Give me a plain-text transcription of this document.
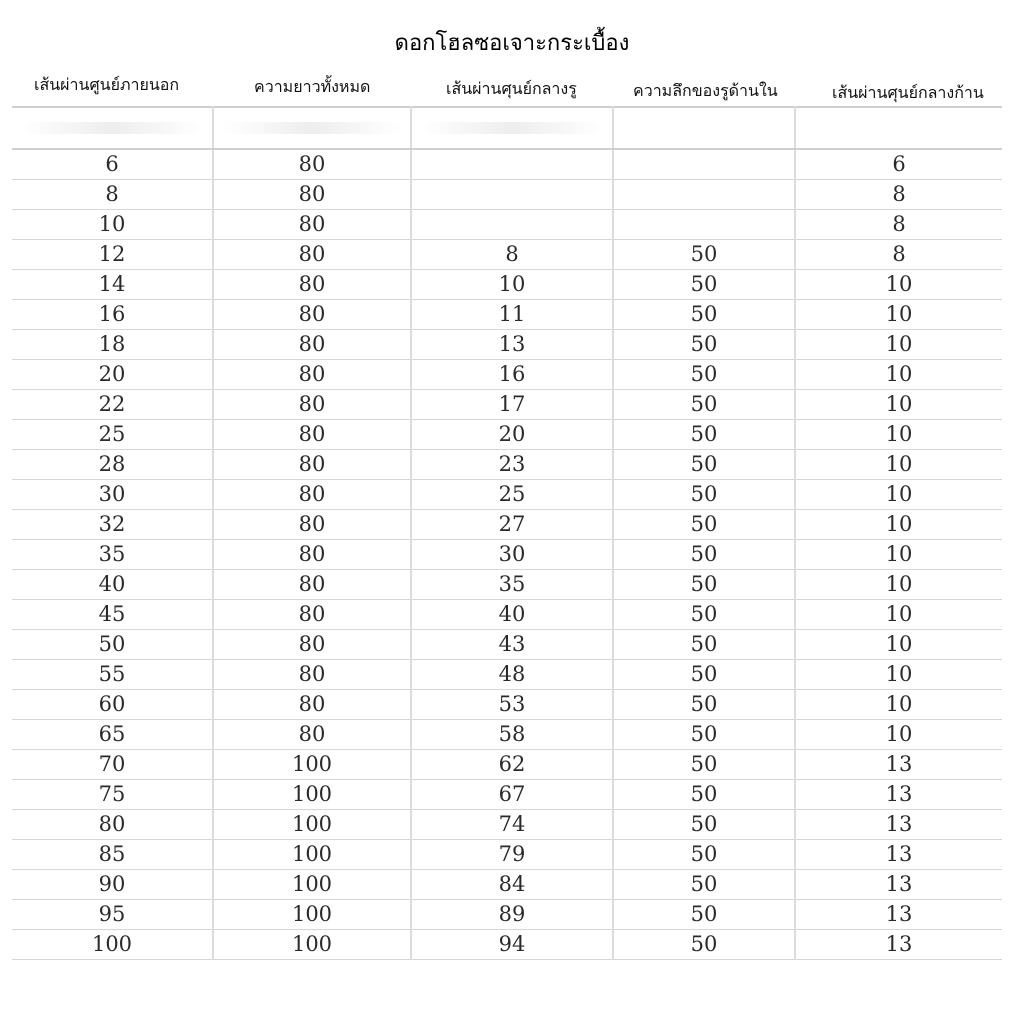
ดอกโฮลซอเจาะกระเบื้อง
เส้นผ่านศูนย์ภายนอก	ความยาวทั้งหมด	เส้นผ่านศุนย์กลางรู	ความลึกของรูด้านใน	เส้นผ่านศุนย์กลางก้าน

6	80			6
8	80			8
10	80			8
12	80	8	50	8
14	80	10	50	10
16	80	11	50	10
18	80	13	50	10
20	80	16	50	10
22	80	17	50	10
25	80	20	50	10
28	80	23	50	10
30	80	25	50	10
32	80	27	50	10
35	80	30	50	10
40	80	35	50	10
45	80	40	50	10
50	80	43	50	10
55	80	48	50	10
60	80	53	50	10
65	80	58	50	10
70	100	62	50	13
75	100	67	50	13
80	100	74	50	13
85	100	79	50	13
90	100	84	50	13
95	100	89	50	13
100	100	94	50	13
